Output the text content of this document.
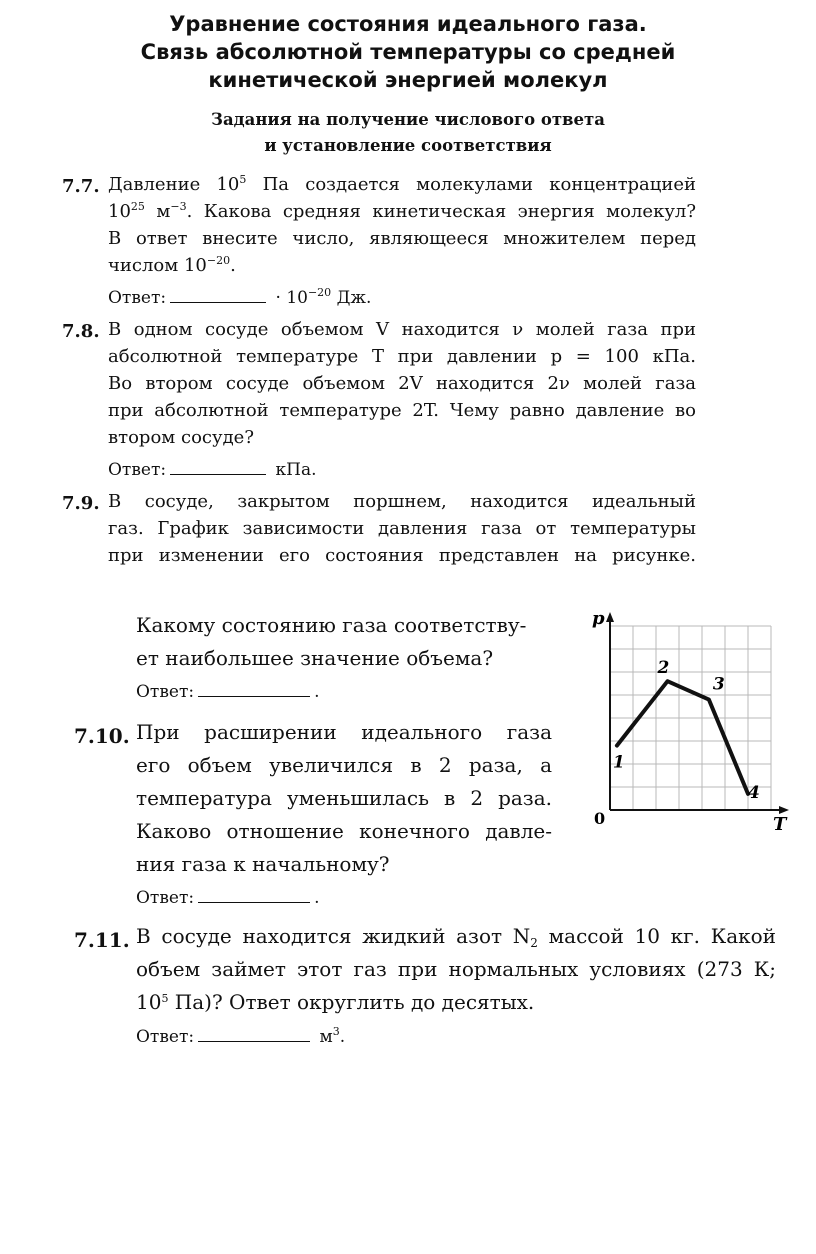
Уравнение состояния идеального газа.
Связь абсолютной температуры со средней
кинетической энергией молекул
Задания на получение числового ответа
и установление соответствия
7.7. Давление $10^5$ Па создается молекулами концентрацией
$10^{25}$ $м^{-3}$. Какова средняя кинетическая энергия молекул?
В ответ внесите число, являющееся множителем перед
числом $10^{-20}$.
Ответ:	· $10^{-20}$ Дж.
7.8. В одном сосуде объемом V находится ν молей газа при
абсолютной температуре T при давлении p = 100 кПа.
Во втором сосуде объемом 2V находится 2ν молей газа
при абсолютной температуре 2T. Чему равно давление во
втором сосуде?
Ответ:	кПа.
7.9. В сосуде, закрытом поршнем, находится идеальный
газ. График зависимости давления газа от температуры
при изменении его состояния представлен на рисунке.
Какому состоянию газа соответству-
ет наибольшее значение объема?
Ответ:	.
p
T
0
1
2
3
4
7.10. При расширении идеального газа
его объем увеличился в 2 раза, а
температура уменьшилась в 2 раза.
Каково отношение конечного давле-
ния газа к начальному?
Ответ:	.
7.11. В сосуде находится жидкий азот $N_2$ массой 10 кг. Какой
объем займет этот газ при нормальных условиях (273 К;
$10^5$ Па)? Ответ округлить до десятых.
Ответ:	$м^3$.
